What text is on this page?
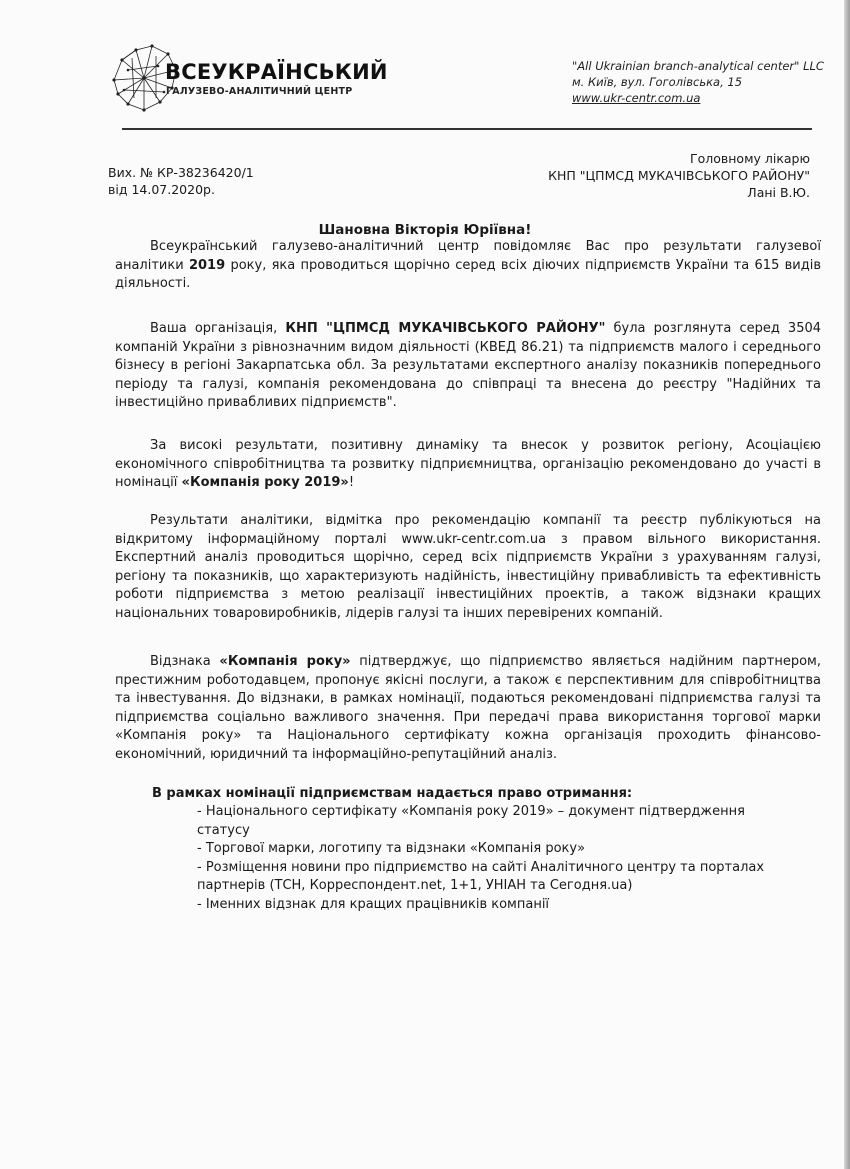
ВСЕУКРАЇНСЬКИЙ
ГАЛУЗЕВО-АНАЛІТИЧНИЙ ЦЕНТР
"All Ukrainian branch-analytical center" LLC
м. Київ, вул. Гоголівська, 15
www.ukr-centr.com.ua
Вих. № КР-38236420/1
від 14.07.2020р.
Головному лікарю
КНП "ЦПМСД МУКАЧІВСЬКОГО РАЙОНУ"
Лані В.Ю.
Шановна Вікторія Юріївна!

Всеукраїнський галузево-аналітичний центр повідомляє Вас про результати галузевої аналітики 2019 року, яка проводиться щорічно серед всіх діючих підприємств України та 615 видів діяльності.

Ваша організація, КНП "ЦПМСД МУКАЧІВСЬКОГО РАЙОНУ" була розглянута серед 3504 компаній України з рівнозначним видом діяльності (КВЕД 86.21) та підприємств малого і середнього бізнесу в регіоні Закарпатська обл. За результатами експертного аналізу показників попереднього періоду та галузі, компанія рекомендована до співпраці та внесена до реєстру "Надійних та інвестиційно привабливих підприємств".

За високі результати, позитивну динаміку та внесок у розвиток регіону, Асоціацією економічного співробітництва та розвитку підприємництва, організацію рекомендовано до участі в номінації «Компанія року 2019»!

Результати аналітики, відмітка про рекомендацію компанії та реєстр публікуються на відкритому інформаційному порталі www.ukr-centr.com.ua з правом вільного використання. Експертний аналіз проводиться щорічно, серед всіх підприємств України з урахуванням галузі, регіону та показників, що характеризують надійність, інвестиційну привабливість та ефективність роботи підприємства з метою реалізації інвестиційних проектів, а також відзнаки кращих національних товаровиробників, лідерів галузі та інших перевірених компаній.

Відзнака «Компанія року» підтверджує, що підприємство являється надійним партнером, престижним роботодавцем, пропонує якісні послуги, а також є перспективним для співробітництва та інвестування. До відзнаки, в рамках номінації, подаються рекомендовані підприємства галузі та підприємства соціально важливого значення. При передачі права використання торгової марки «Компанія року» та Національного сертифікату кожна організація проходить фінансово-економічний, юридичний та інформаційно-репутаційний аналіз.

В рамках номінації підприємствам надається право отримання:
- Національного сертифікату «Компанія року 2019» – документ підтвердження статусу
- Торгової марки, логотипу та відзнаки «Компанія року»
- Розміщення новини про підприємство на сайті Аналітичного центру та порталах партнерів (ТСН, Корреспондент.net, 1+1, УНІАН та Сегодня.ua)
- Іменних відзнак для кращих працівників компанії
